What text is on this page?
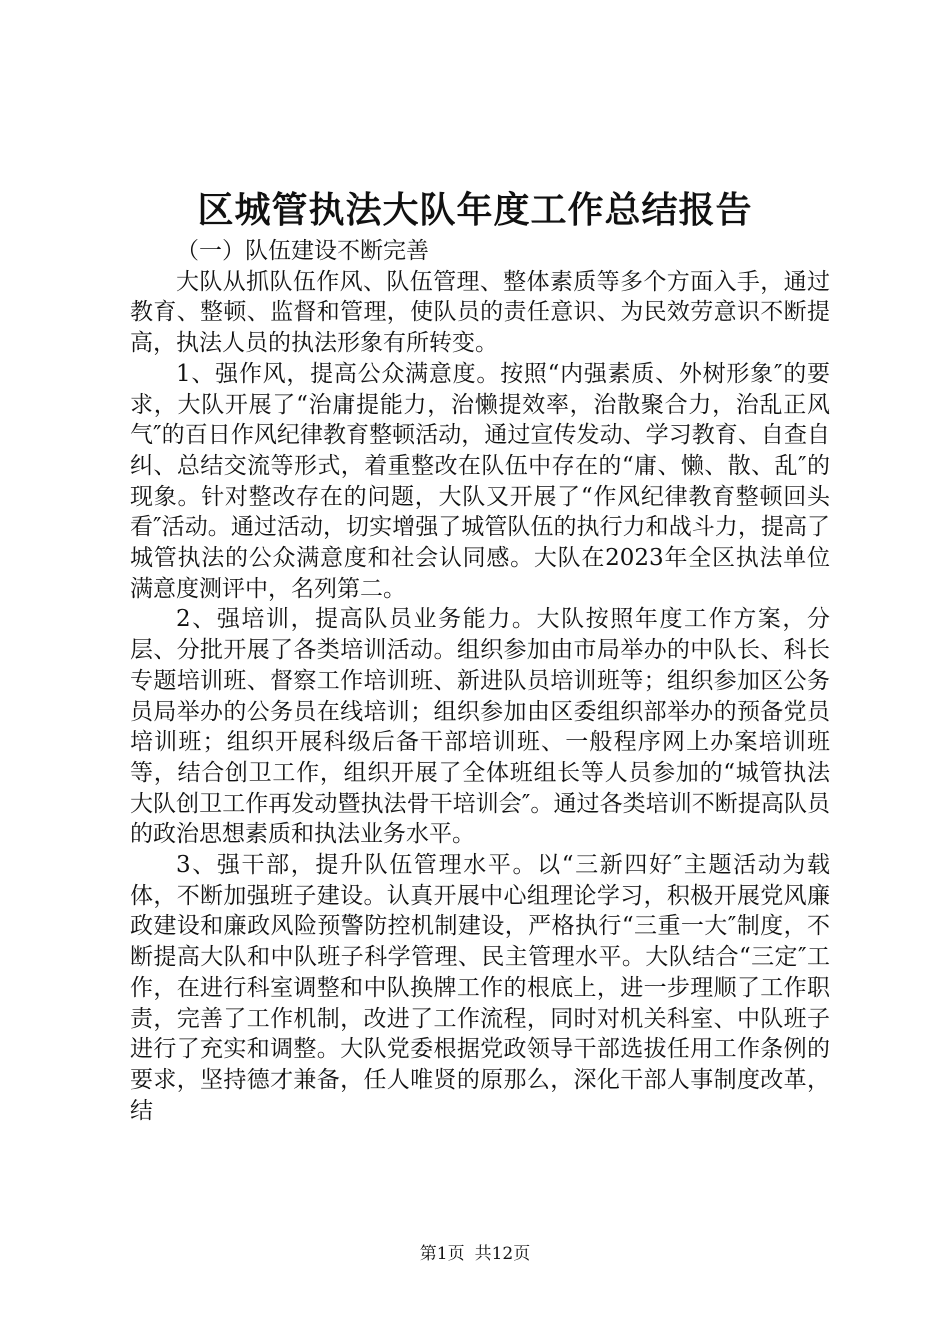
区城管执法大队年度工作总结报告

（一）队伍建设不断完善

大队从抓队伍作风、队伍管理、整体素质等多个方面入手，通过教育、整顿、监督和管理，使队员的责任意识、为民效劳意识不断提高，执法人员的执法形象有所转变。

1、强作风，提高公众满意度。按照“内强素质、外树形象″的要求，大队开展了“治庸提能力，治懒提效率，治散聚合力，治乱正风气″的百日作风纪律教育整顿活动，通过宣传发动、学习教育、自查自纠、总结交流等形式，着重整改在队伍中存在的“庸、懒、散、乱″的现象。针对整改存在的问题，大队又开展了“作风纪律教育整顿回头看″活动。通过活动，切实增强了城管队伍的执行力和战斗力，提高了城管执法的公众满意度和社会认同感。大队在2023年全区执法单位满意度测评中，名列第二。

2、强培训，提高队员业务能力。大队按照年度工作方案，分层、分批开展了各类培训活动。组织参加由市局举办的中队长、科长专题培训班、督察工作培训班、新进队员培训班等；组织参加区公务员局举办的公务员在线培训；组织参加由区委组织部举办的预备党员培训班；组织开展科级后备干部培训班、一般程序网上办案培训班等，结合创卫工作，组织开展了全体班组长等人员参加的“城管执法大队创卫工作再发动暨执法骨干培训会″。通过各类培训不断提高队员的政治思想素质和执法业务水平。

3、强干部，提升队伍管理水平。以“三新四好″主题活动为载体，不断加强班子建设。认真开展中心组理论学习，积极开展党风廉政建设和廉政风险预警防控机制建设，严格执行“三重一大″制度，不断提高大队和中队班子科学管理、民主管理水平。大队结合“三定″工作，在进行科室调整和中队换牌工作的根底上，进一步理顺了工作职责，完善了工作机制，改进了工作流程，同时对机关科室、中队班子进行了充实和调整。大队党委根据党政领导干部选拔任用工作条例的要求，坚持德才兼备，任人唯贤的原那么，深化干部人事制度改革，结

第1页 共12页
